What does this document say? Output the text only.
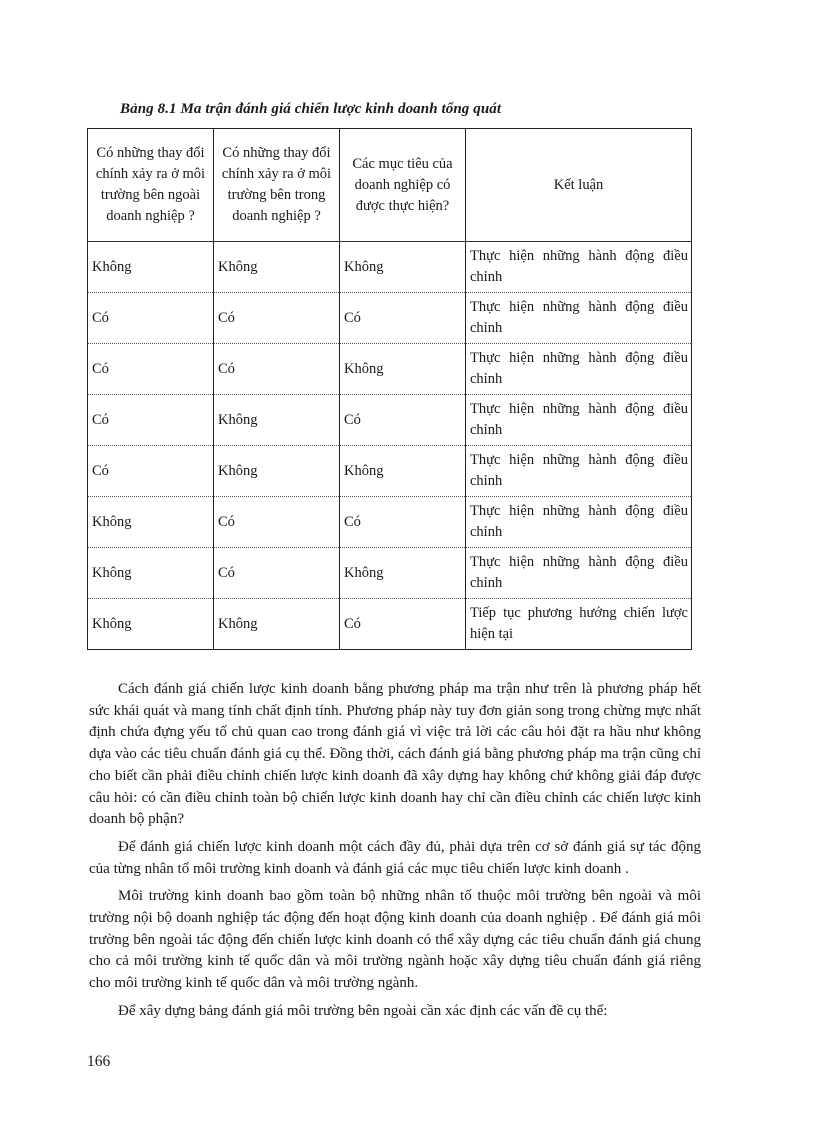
Bảng 8.1 Ma trận đánh giá chiến lược kinh doanh tổng quát
Có những thay đổi chính xảy ra ở môi trường bên ngoài doanh nghiệp ?	Có những thay đổi chính xảy ra ở môi trường bên trong doanh nghiệp ?	Các mục tiêu của doanh nghiệp có được thực hiện?	Kết luận
Không	Không	Không	Thực hiện những hành động điều chỉnh
Có	Có	Có	Thực hiện những hành động điều chỉnh
Có	Có	Không	Thực hiện những hành động điều chỉnh
Có	Không	Có	Thực hiện những hành động điều chỉnh
Có	Không	Không	Thực hiện những hành động điều chỉnh
Không	Có	Có	Thực hiện những hành động điều chỉnh
Không	Có	Không	Thực hiện những hành động điều chỉnh
Không	Không	Có	Tiếp tục phương hướng chiến lược hiện tại

Cách đánh giá chiến lược kinh doanh bằng phương pháp ma trận như trên là phương pháp hết sức khái quát và mang tính chất định tính. Phương pháp này tuy đơn giản song trong chừng mực nhất định chứa đựng yếu tố chủ quan cao trong đánh giá vì việc trả lời các câu hỏi đặt ra hầu như không dựa vào các tiêu chuẩn đánh giá cụ thể. Đồng thời, cách đánh giá bằng phương pháp ma trận cũng chỉ cho biết cần phải điều chỉnh chiến lược kinh doanh đã xây dựng hay không chứ không giải đáp được câu hỏi: có cần điều chỉnh toàn bộ chiến lược kinh doanh hay chỉ cần điều chỉnh các chiến lược kinh doanh bộ phận?

Để đánh giá chiến lược kinh doanh một cách đầy đủ, phải dựa trên cơ sở đánh giá sự tác động của từng nhân tố môi trường kinh doanh và đánh giá các mục tiêu chiến lược kinh doanh .

Môi trường kinh doanh bao gồm toàn bộ những nhân tố thuộc môi trường bên ngoài và môi trường nội bộ doanh nghiệp tác động đến hoạt động kinh doanh của doanh nghiệp . Để đánh giá môi trường bên ngoài tác động đến chiến lược kinh doanh có thể xây dựng các tiêu chuẩn đánh giá chung cho cả môi trường kinh tế quốc dân và môi trường ngành hoặc xây dựng tiêu chuẩn đánh giá riêng cho môi trường kinh tế quốc dân và môi trường ngành.

Để xây dựng bảng đánh giá môi trường bên ngoài cần xác định các vấn đề cụ thể:

166
